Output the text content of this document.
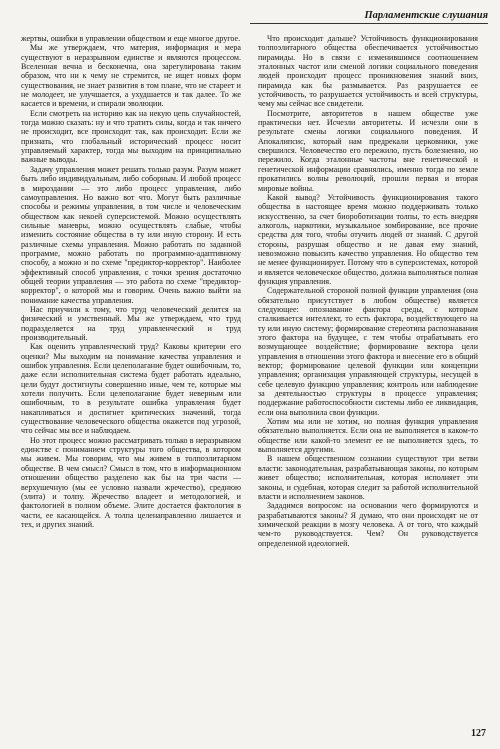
Парламентские слушания

жертвы, ошибки в управлении обществом и еще многое другое.

Мы же утверждаем, что материя, информация и мера существуют в неразрывном единстве и являются процессом. Вселенная вечна и бесконечна, она зарегулирована таким образом, что ни к чему не стремится, не ищет новых форм существования, не знает развития в том плане, что не стареет и не молодеет, не улучшается, а ухудшается и так далее. То же касается и времени, и спирали эволюции.

Если смотреть на историю как на некую цепь случайностей, тогда можно сказать: ну и что тратить силы, когда и так ничего не происходит, все происходит так, как происходит. Если же признать, что глобальный исторический процесс носит управляемый характер, тогда мы выходим на принципиально важные выводы.

Задачу управления может решать только разум. Разум может быть либо индивидуальным, либо соборным. И любой процесс в мироздании — это либо процесс управления, либо самоуправления. Но важно вот что. Могут быть различные способы и режимы управления, в том числе и человеческим обществом как некоей суперсистемой. Можно осуществлять сильные маневры, можно осуществлять слабые, чтобы изменить состояние общества в ту или иную сторону. И есть различные схемы управления. Можно работать по заданной программе, можно работать по программно-адаптивному способу, а можно и по схеме "предиктор-корректор". Наиболее эффективный способ управления, с точки зрения достаточно общей теории управления — это работа по схеме "предиктор-корректор", о которой мы и говорим. Очень важно выйти на понимание качества управления.

Нас приучили к тому, что труд человеческий делится на физический и умственный. Мы же утверждаем, что труд подразделяется на труд управленческий и труд производительный.

Как оценить управленческий труд? Каковы критерии его оценки? Мы выходим на понимание качества управления и ошибок управления. Если целеполагание будет ошибочным, то, даже если исполнительная система будет работать идеально, цели будут достигнуты совершенно иные, чем те, которые мы хотели получить. Если целеполагание будет неверным или ошибочным, то в результате ошибка управления будет накапливаться и достигнет критических значений, тогда существование человеческого общества окажется под угрозой, что сейчас мы все и наблюдаем.

Но этот процесс можно рассматривать только в неразрывном единстве с пониманием структуры того общества, в котором мы живем. Мы говорим, что мы живем в толпоэлитарном обществе. В чем смысл? Смысл в том, что в информационном отношении общество разделено как бы на три части — верхушечную (мы ее условно назвали жречество), среднюю (элита) и толпу. Жречество владеет и методологией, и фактологией в полном объеме. Элите достается фактология в части, ее касающейся. А толпа целенаправленно лишается и тех, и других знаний.

Что происходит дальше? Устойчивость функционирования толпоэлитарного общества обеспечивается устойчивостью пирамиды. Но в связи с изменившимся соотношением эталонных частот или сменой логики социального поведения людей происходит процесс проникновения знаний вниз, пирамида как бы размывается. Раз разрушается ее устойчивость, то разрушается устойчивость и всей структуры, чему мы сейчас все свидетели.

Посмотрите, авторитетов в нашем обществе уже практически нет. Исчезли авторитеты. И исчезли они в результате смены логики социального поведения. И Апокалипсис, который нам предрекали церковники, уже свершился. Человечество его пережило, пусть болезненно, но пережило. Когда эталонные частоты вне генетической и генетической информации сравнялись, именно тогда по земле прокатились волны революций, прошли первая и вторая мировые войны.

Какой вывод? Устойчивость функционирования такого общества в настоящее время можно поддерживать только искусственно, за счет биороботизации толпы, то есть внедряя алкоголь, наркотики, музыкальное зомбирование, все прочие средства для того, чтобы отучить людей от знаний. С другой стороны, разрушая общество и не давая ему знаний, невозможно повысить качество управления. Но общество тем не менее функционирует. Потому что в суперсистемах, которой и является человеческое общество, должна выполняться полная функция управления.

Содержательной стороной полной функции управления (она обязательно присутствует в любом обществе) является следующее: опознавание фактора среды, с которым сталкивается интеллект, то есть фактора, воздействующего на ту или иную систему; формирование стереотипа распознавания этого фактора на будущее, с тем чтобы отрабатывать его возмущающее воздействие; формирование вектора цели управления в отношении этого фактора и внесение его в общий вектор; формирование целевой функции или концепции управления; организация управляющей структуры, несущей в себе целевую функцию управления; контроль или наблюдение за деятельностью структуры в процессе управления; поддержание работоспособности системы либо ее ликвидация, если она выполнила свои функции.

Хотим мы или не хотим, но полная функция управления обязательно выполняется. Если она не выполняется в каком-то обществе или какой-то элемент ее не выполняется здесь, то выполняется другими.

В нашем общественном сознании существуют три ветви власти: законодательная, разрабатывающая законы, по которым живет общество; исполнительная, которая исполняет эти законы, и судебная, которая следит за работой исполнительной власти и исполнением законов.

Зададимся вопросом: на основании чего формируются и разрабатываются законы? Я думаю, что они происходят не от химической реакции в мозгу человека. А от того, что каждый чем-то руководствуется. Чем? Он руководствуется определенной идеологией.

127
